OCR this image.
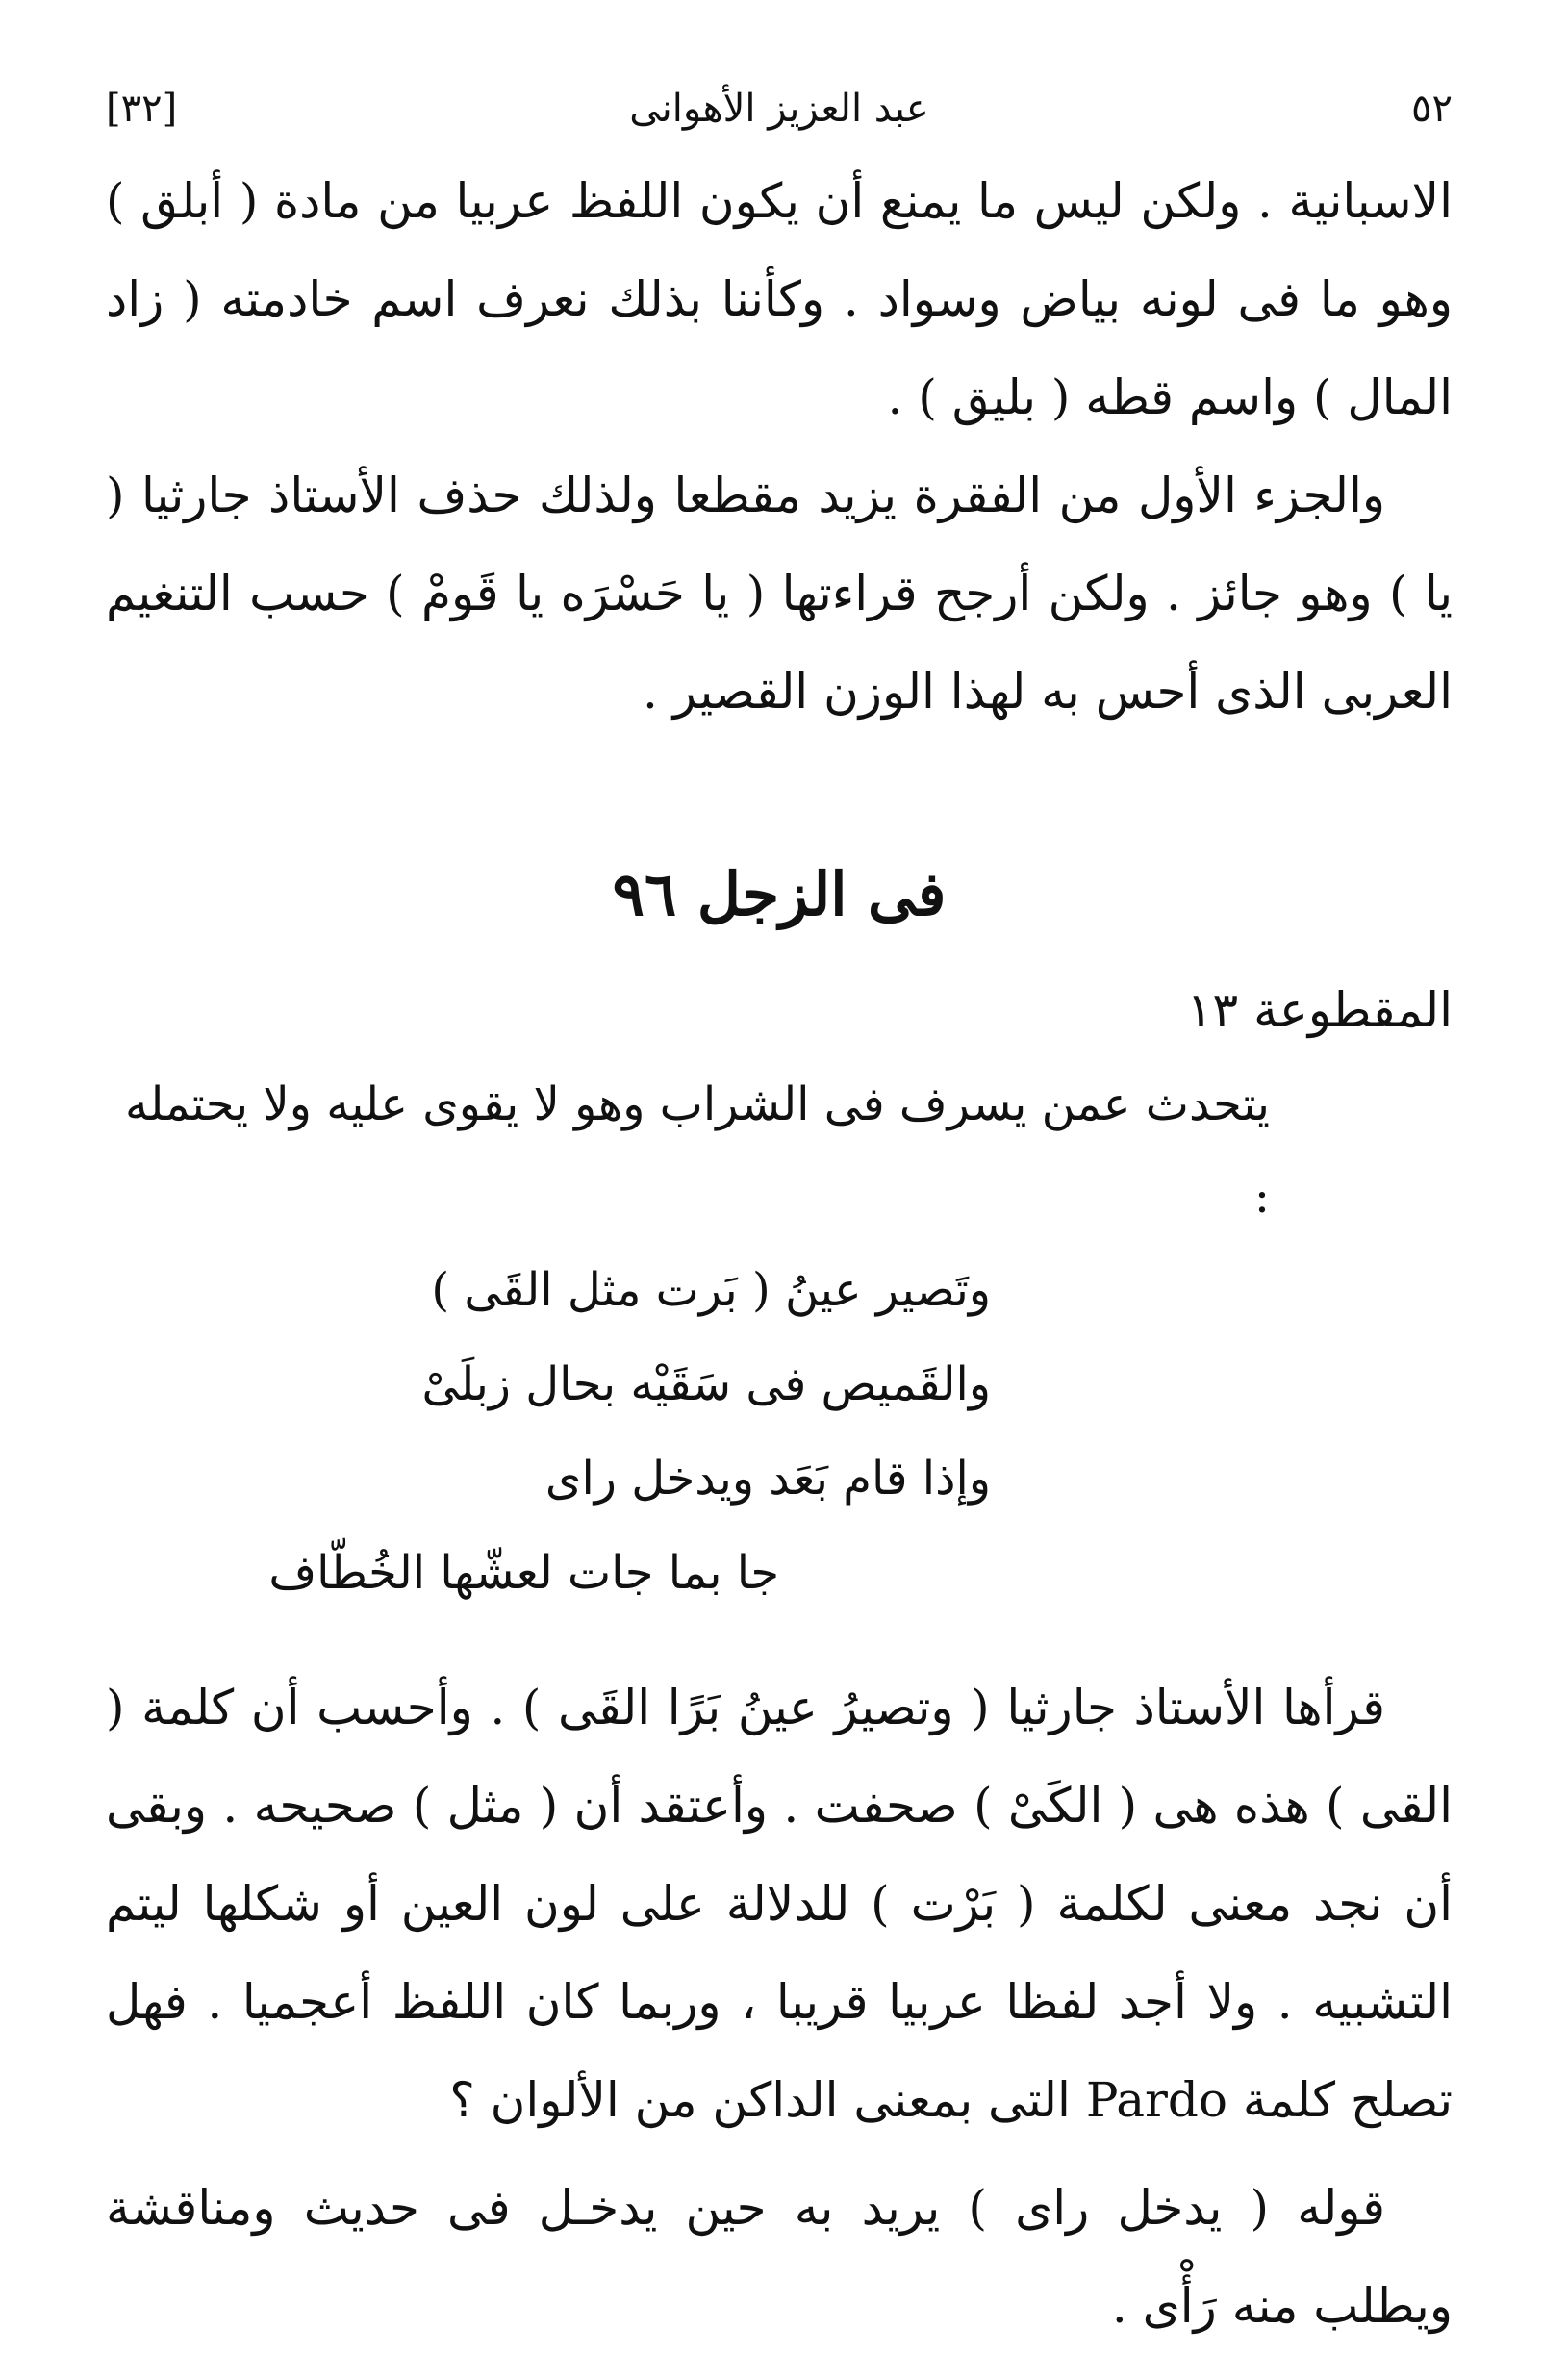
٥٢
عبد العزيز الأهوانى
[٣٢]

الاسبانية . ولكن ليس ما يمنع أن يكون اللفظ عربيا من مادة ( أبلق ) وهو ما فى لونه بياض وسواد . وكأننا بذلك نعرف اسم خادمته ( زاد المال ) واسم قطه ( بليق ) .

والجزء الأول من الفقرة يزيد مقطعا ولذلك حذف الأستاذ جارثيا ( يا ) وهو جائز . ولكن أرجح قراءتها ( يا حَسْرَه يا قَومْ ) حسب التنغيم العربى الذى أحس به لهذا الوزن القصير .

فى الزجل ٩٦
المقطوعة ١٣
يتحدث عمن يسرف فى الشراب وهو لا يقوى عليه ولا يحتمله :
وتَصير عينُ ( بَرت مثل القَى )
والقَميص فى سَقَيْه بحال زبلَىْ
وإذا قام بَعَد ويدخل راى
جا بما جات لعشّها الخُطّاف

قرأها الأستاذ جارثيا ( وتصيرُ عينُ بَرًا القَى ) . وأحسب أن كلمة ( القى ) هذه هى ( الكَىْ ) صحفت . وأعتقد أن ( مثل ) صحيحه . وبقى أن نجد معنى لكلمة ( بَرْت ) للدلالة على لون العين أو شكلها ليتم التشبيه . ولا أجد لفظا عربيا قريبا ، وربما كان اللفظ أعجميا . فهل تصلح كلمة Pardo التى بمعنى الداكن من الألوان ؟

قوله ( يدخل راى ) يريد به حين يدخـل فى حديث ومناقشة ويطلب منه رَأْى .
